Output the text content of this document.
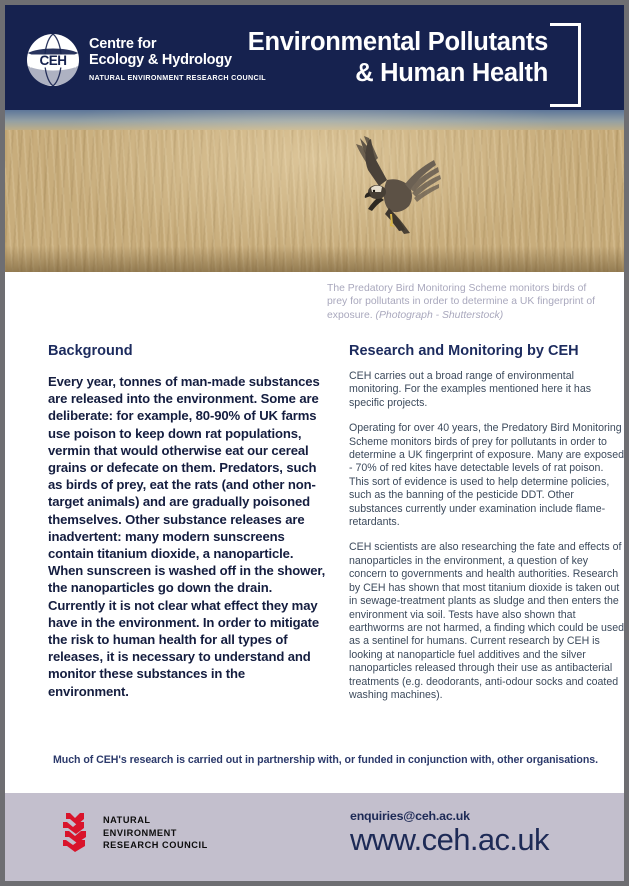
CEH
Centre for
Ecology & Hydrology
NATURAL ENVIRONMENT RESEARCH COUNCIL
Environmental Pollutants
& Human Health
The Predatory Bird Monitoring Scheme monitors birds of prey for pollutants in order to determine a UK fingerprint of exposure. (Photograph - Shutterstock)
Background

Every year, tonnes of man-made substances are released into the environment. Some are deliberate: for example, 80-90% of UK farms use poison to keep down rat populations, vermin that would otherwise eat our cereal grains or defecate on them. Predators, such as birds of prey, eat the rats (and other non-target animals) and are gradually poisoned themselves. Other substance releases are inadvertent: many modern sunscreens contain titanium dioxide, a nanoparticle. When sunscreen is washed off in the shower, the nanoparticles go down the drain. Currently it is not clear what effect they may have in the environment. In order to mitigate the risk to human health for all types of releases, it is necessary to understand and monitor these substances in the environment.

Research and Monitoring by CEH

CEH carries out a broad range of environmental monitoring. For the examples mentioned here it has specific projects.

Operating for over 40 years, the Predatory Bird Monitoring Scheme monitors birds of prey for pollutants in order to determine a UK fingerprint of exposure. Many are exposed - 70% of red kites have detectable levels of rat poison. This sort of evidence is used to help determine policies, such as the banning of the pesticide DDT. Other substances currently under examination include flame-retardants.

CEH scientists are also researching the fate and effects of nanoparticles in the environment, a question of key concern to governments and health authorities. Research by CEH has shown that most titanium dioxide is taken out in sewage-treatment plants as sludge and then enters the environment via soil. Tests have also shown that earthworms are not harmed, a finding which could be used as a sentinel for humans. Current research by CEH is looking at nanoparticle fuel additives and the silver nanoparticles released through their use as antibacterial treatments (e.g. deodorants, anti-odour socks and coated washing machines).

Much of CEH's research is carried out in partnership with, or funded in conjunction with, other organisations.
NATURAL
ENVIRONMENT
RESEARCH COUNCIL
enquiries@ceh.ac.uk
www.ceh.ac.uk
